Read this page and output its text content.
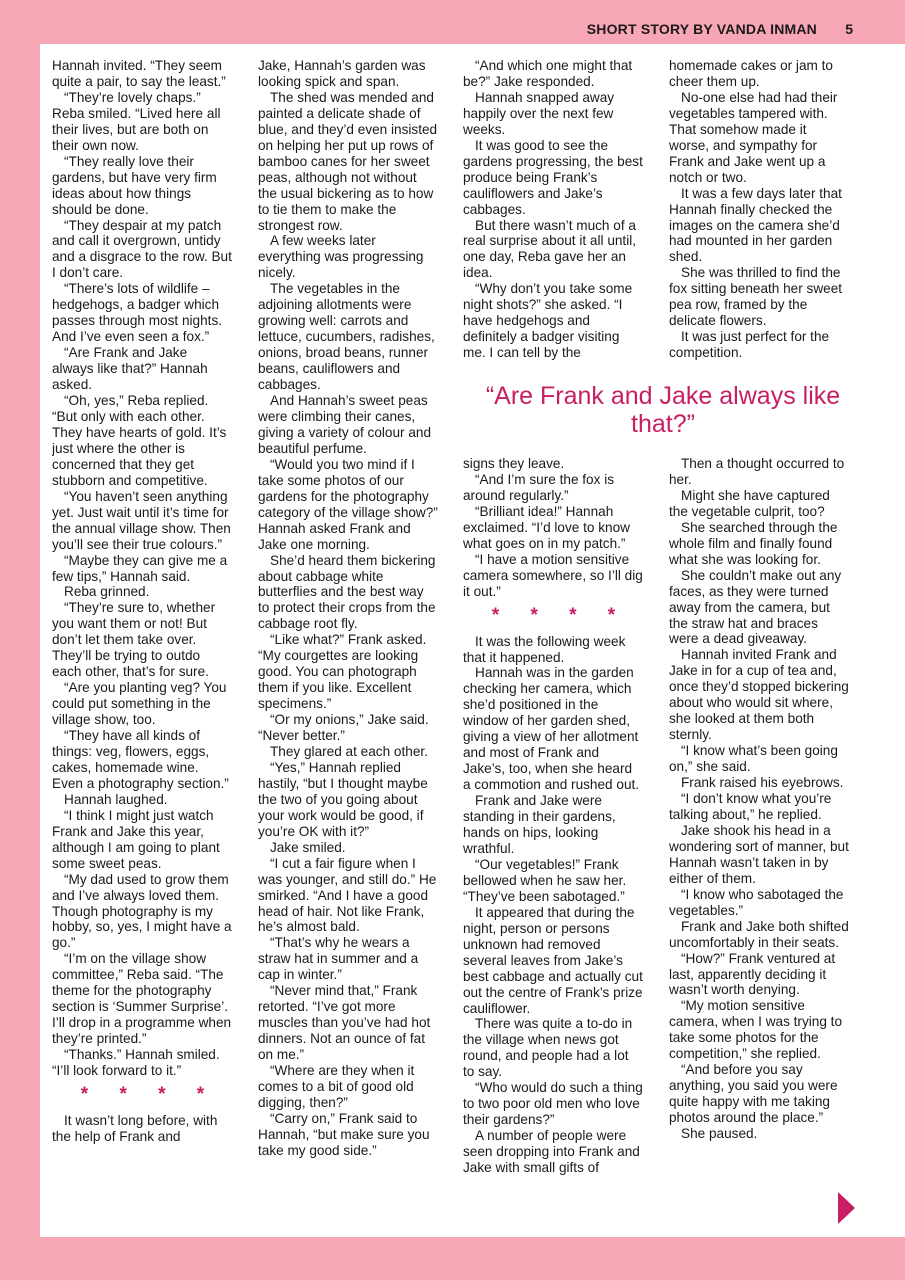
SHORT STORY BY VANDA INMAN 5

Hannah invited. “They seem quite a pair, to say the least.”

“They’re lovely chaps.” Reba smiled. “Lived here all their lives, but are both on their own now.

“They really love their gardens, but have very firm ideas about how things should be done.

“They despair at my patch and call it overgrown, untidy and a disgrace to the row. But I don’t care.

“There’s lots of wildlife – hedgehogs, a badger which passes through most nights. And I’ve even seen a fox.”

“Are Frank and Jake always like that?” Hannah asked.

“Oh, yes,” Reba replied. “But only with each other. They have hearts of gold. It’s just where the other is concerned that they get stubborn and competitive.

“You haven’t seen anything yet. Just wait until it’s time for the annual village show. Then you’ll see their true colours.”

“Maybe they can give me a few tips,” Hannah said.

Reba grinned.

“They’re sure to, whether you want them or not! But don’t let them take over. They’ll be trying to outdo each other, that’s for sure.

“Are you planting veg? You could put something in the village show, too.

“They have all kinds of things: veg, flowers, eggs, cakes, homemade wine. Even a photography section.”

Hannah laughed.

“I think I might just watch Frank and Jake this year, although I am going to plant some sweet peas.

“My dad used to grow them and I’ve always loved them. Though photography is my hobby, so, yes, I might have a go.”

“I’m on the village show committee,” Reba said. “The theme for the photography section is ‘Summer Surprise’. I’ll drop in a programme when they’re printed.”

“Thanks.” Hannah smiled. “I’ll look forward to it.”

* * * *

It wasn’t long before, with the help of Frank and

Jake, Hannah’s garden was looking spick and span.

The shed was mended and painted a delicate shade of blue, and they’d even insisted on helping her put up rows of bamboo canes for her sweet peas, although not without the usual bickering as to how to tie them to make the strongest row.

A few weeks later everything was progressing nicely.

The vegetables in the adjoining allotments were growing well: carrots and lettuce, cucumbers, radishes, onions, broad beans, runner beans, cauliflowers and cabbages.

And Hannah’s sweet peas were climbing their canes, giving a variety of colour and beautiful perfume.

“Would you two mind if I take some photos of our gardens for the photography category of the village show?” Hannah asked Frank and Jake one morning.

She’d heard them bickering about cabbage white butterflies and the best way to protect their crops from the cabbage root fly.

“Like what?” Frank asked. “My courgettes are looking good. You can photograph them if you like. Excellent specimens.”

“Or my onions,” Jake said. “Never better.”

They glared at each other.

“Yes,” Hannah replied hastily, “but I thought maybe the two of you going about your work would be good, if you’re OK with it?”

Jake smiled.

“I cut a fair figure when I was younger, and still do.” He smirked. “And I have a good head of hair. Not like Frank, he’s almost bald.

“That’s why he wears a straw hat in summer and a cap in winter.”

“Never mind that,” Frank retorted. “I’ve got more muscles than you’ve had hot dinners. Not an ounce of fat on me.”

“Where are they when it comes to a bit of good old digging, then?”

“Carry on,” Frank said to Hannah, “but make sure you take my good side.”

“And which one might that be?” Jake responded.

Hannah snapped away happily over the next few weeks.

It was good to see the gardens progressing, the best produce being Frank’s cauliflowers and Jake’s cabbages.

But there wasn’t much of a real surprise about it all until, one day, Reba gave her an idea.

“Why don’t you take some night shots?” she asked. “I have hedgehogs and definitely a badger visiting me. I can tell by the

homemade cakes or jam to cheer them up.

No-one else had had their vegetables tampered with. That somehow made it worse, and sympathy for Frank and Jake went up a notch or two.

It was a few days later that Hannah finally checked the images on the camera she’d had mounted in her garden shed.

She was thrilled to find the fox sitting beneath her sweet pea row, framed by the delicate flowers.

It was just perfect for the competition.

“Are Frank and Jake always like that?”

signs they leave.

“And I’m sure the fox is around regularly.”

“Brilliant idea!” Hannah exclaimed. “I’d love to know what goes on in my patch.”

“I have a motion sensitive camera somewhere, so I’ll dig it out.”

* * * *

It was the following week that it happened.

Hannah was in the garden checking her camera, which she’d positioned in the window of her garden shed, giving a view of her allotment and most of Frank and Jake’s, too, when she heard a commotion and rushed out.

Frank and Jake were standing in their gardens, hands on hips, looking wrathful.

“Our vegetables!” Frank bellowed when he saw her. “They’ve been sabotaged.”

It appeared that during the night, person or persons unknown had removed several leaves from Jake’s best cabbage and actually cut out the centre of Frank’s prize cauliflower.

There was quite a to-do in the village when news got round, and people had a lot to say.

“Who would do such a thing to two poor old men who love their gardens?”

A number of people were seen dropping into Frank and Jake with small gifts of

Then a thought occurred to her.

Might she have captured the vegetable culprit, too?

She searched through the whole film and finally found what she was looking for.

She couldn’t make out any faces, as they were turned away from the camera, but the straw hat and braces were a dead giveaway.

Hannah invited Frank and Jake in for a cup of tea and, once they’d stopped bickering about who would sit where, she looked at them both sternly.

“I know what’s been going on,” she said.

Frank raised his eyebrows.

“I don’t know what you’re talking about,” he replied.

Jake shook his head in a wondering sort of manner, but Hannah wasn’t taken in by either of them.

“I know who sabotaged the vegetables.”

Frank and Jake both shifted uncomfortably in their seats.

“How?” Frank ventured at last, apparently deciding it wasn’t worth denying.

“My motion sensitive camera, when I was trying to take some photos for the competition,” she replied.

“And before you say anything, you said you were quite happy with me taking photos around the place.”

She paused.
